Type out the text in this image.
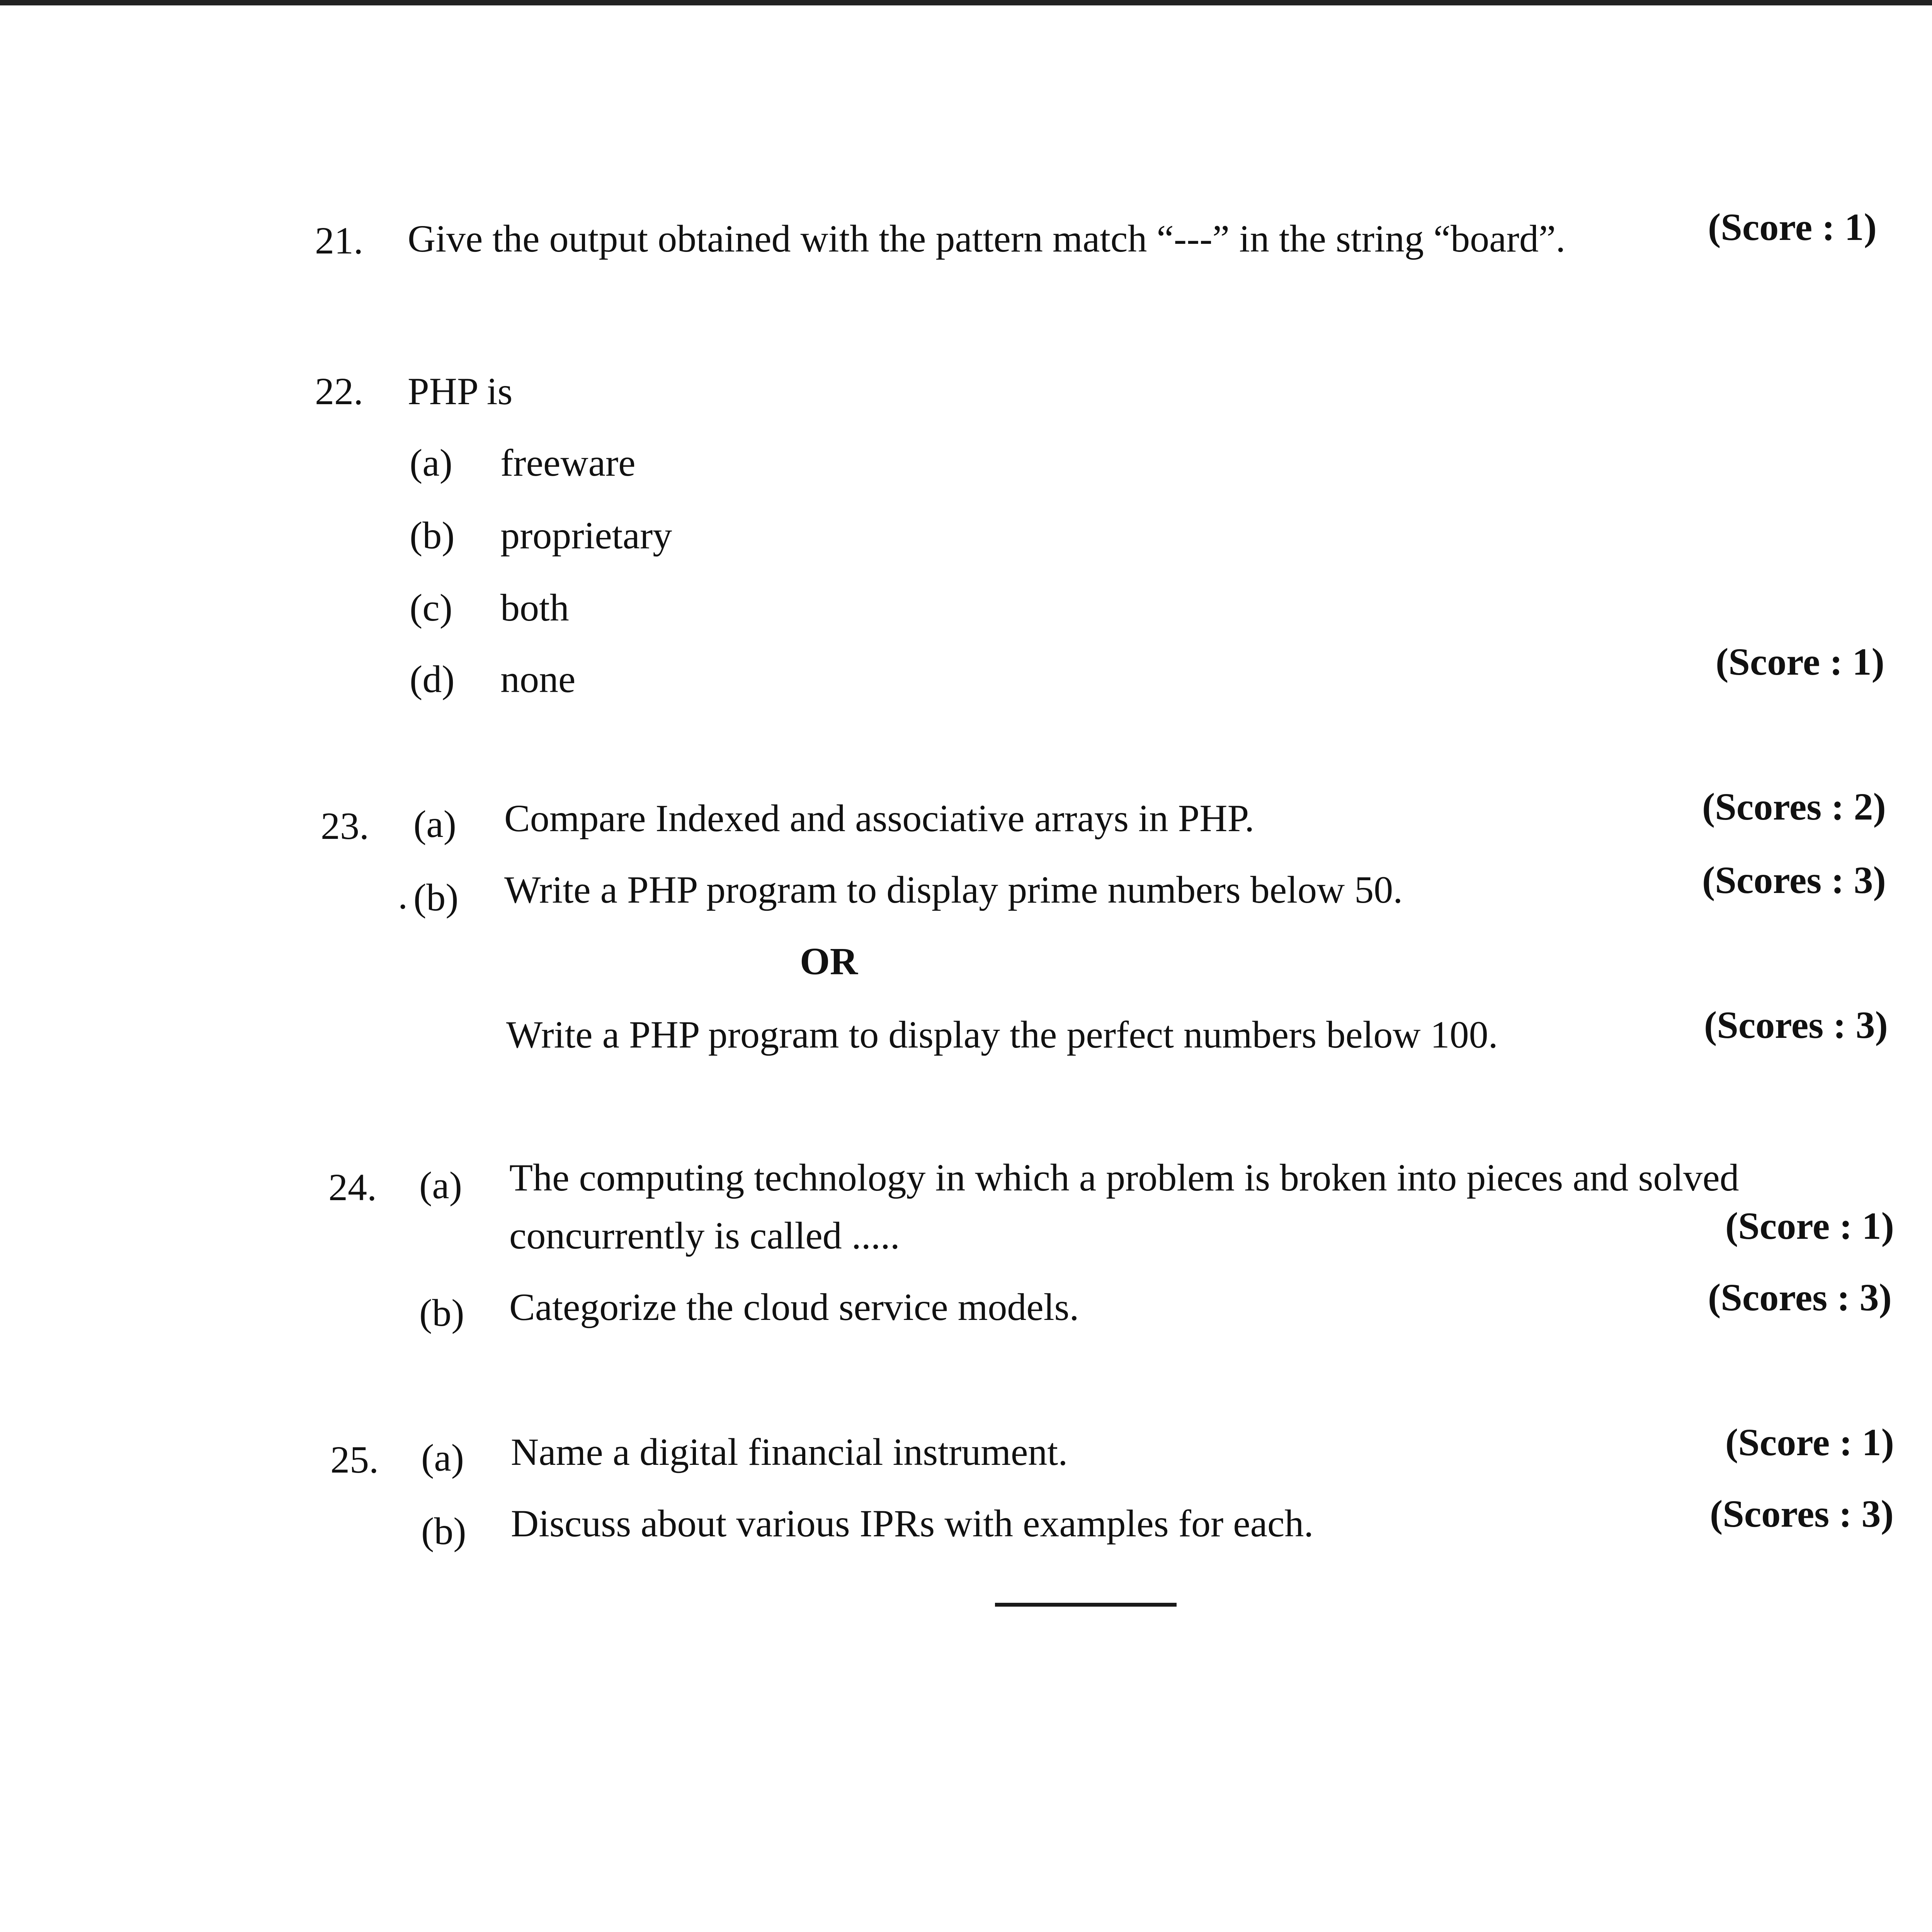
21. Give the output obtained with the pattern match “---” in the string “board”.	(Score : 1)
22. PHP is
(a) freeware
(b) proprietary
(c) both
(d) none	(Score : 1)
23. (a) Compare Indexed and associative arrays in PHP.	(Scores : 2)
. (b) Write a PHP program to display prime numbers below 50.	(Scores : 3)
OR
Write a PHP program to display the perfect numbers below 100.	(Scores : 3)
24. (a) The computing technology in which a problem is broken into pieces and solved
concurrently is called .....	(Score : 1)
(b) Categorize the cloud service models.	(Scores : 3)
25. (a) Name a digital financial instrument.	(Score : 1)
(b) Discuss about various IPRs with examples for each.	(Scores : 3)
